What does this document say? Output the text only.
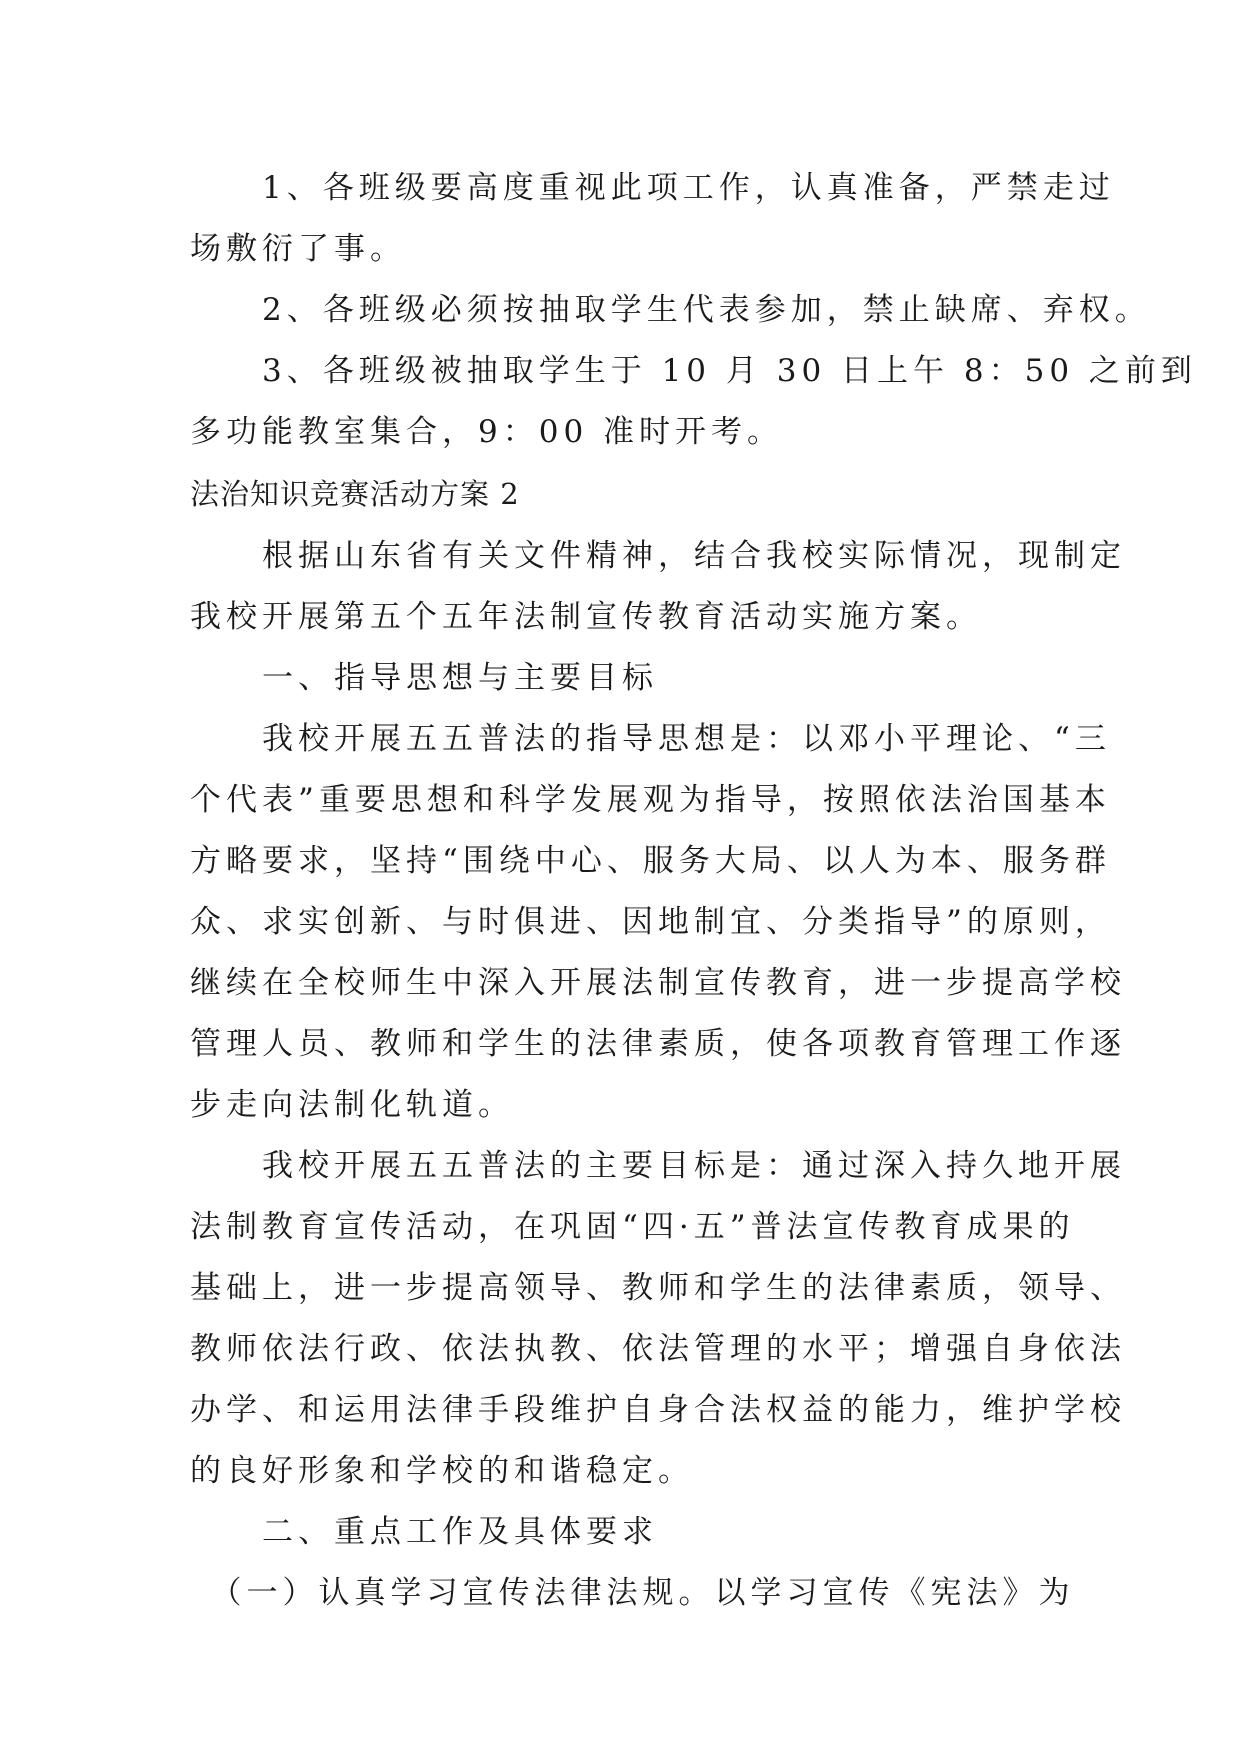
　　1、各班级要高度重视此项工作，认真准备，严禁走过

场敷衍了事。

　　2、各班级必须按抽取学生代表参加，禁止缺席、弃权。

　　3、各班级被抽取学生于 10 月 30 日上午 8：50 之前到

多功能教室集合，9：00 准时开考。

法治知识竞赛活动方案 2

　　根据山东省有关文件精神，结合我校实际情况，现制定

我校开展第五个五年法制宣传教育活动实施方案。

　　一、指导思想与主要目标

　　我校开展五五普法的指导思想是：以邓小平理论、“三

个代表”重要思想和科学发展观为指导，按照依法治国基本

方略要求，坚持“围绕中心、服务大局、以人为本、服务群

众、求实创新、与时俱进、因地制宜、分类指导”的原则，

继续在全校师生中深入开展法制宣传教育，进一步提高学校

管理人员、教师和学生的法律素质，使各项教育管理工作逐

步走向法制化轨道。

　　我校开展五五普法的主要目标是：通过深入持久地开展

法制教育宣传活动，在巩固“四·五”普法宣传教育成果的

基础上，进一步提高领导、教师和学生的法律素质，领导、

教师依法行政、依法执教、依法管理的水平；增强自身依法

办学、和运用法律手段维护自身合法权益的能力，维护学校

的良好形象和学校的和谐稳定。

　　二、重点工作及具体要求

　（一）认真学习宣传法律法规。以学习宣传《宪法》为
